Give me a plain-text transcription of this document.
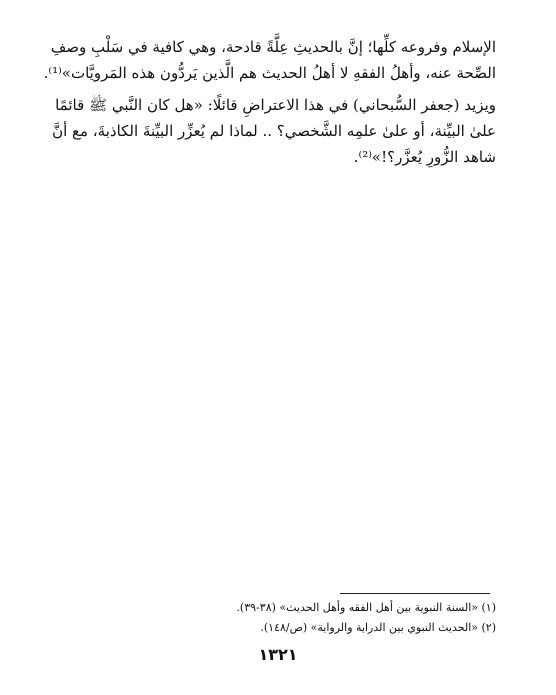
الإسلام وفروعه كلِّها؛ إنَّ بالحديثِ عِلَّةً قادحة، وهي كافية في سَلْبِ وصفِ
الصِّحة عنه، وأهلُ الفقهِ لا أهلُ الحديث هم الَّذين يَردُّون هذه المَرويَّات»⁽¹⁾.
ويزيد (جعفر السُّبحاني) في هذا الاعتراضِ قائلًا: «هل كان النَّبي ﷺ قائمًا
علىٰ البيِّنة، أو علىٰ علمِه الشَّخصي؟ .. لماذا لم يُعزِّر البيِّنةَ الكاذبةَ، مع أنَّ
شاهد الزُّورِ يُعزَّر؟!»⁽²⁾.
(١) «السنة النبوية بين أهل الفقه وأهل الحديث» (٣٨-٣٩).
(٢) «الحديث النبوي بين الدراية والرواية» (ص/١٤٨).
١٣٢١
